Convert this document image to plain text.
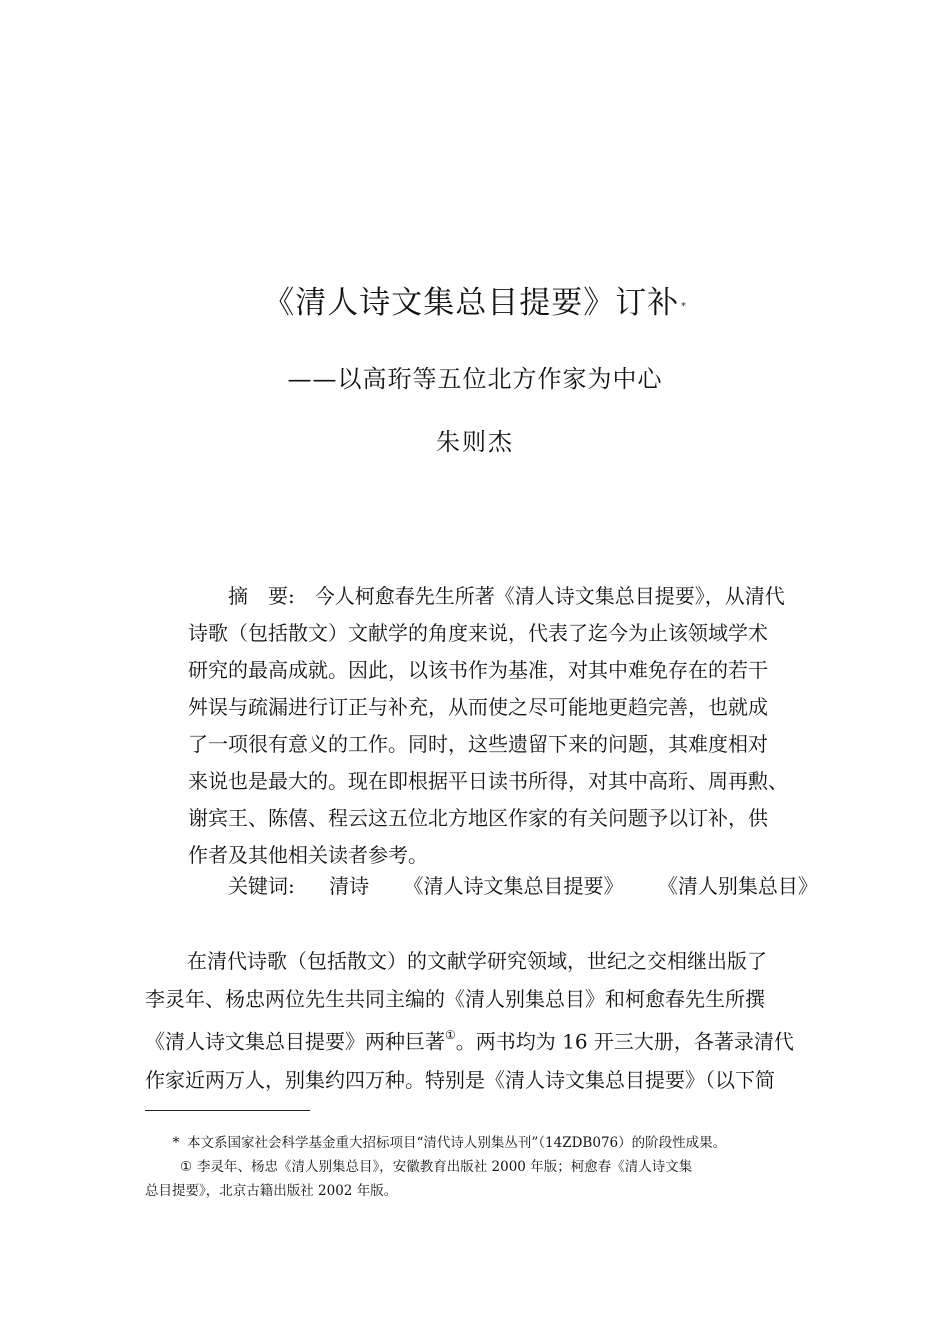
《清人诗文集总目提要》订补 *
——以高珩等五位北方作家为中心
朱则杰
摘　要: 今人柯愈春先生所著《清人诗文集总目提要》，从清代
诗歌（包括散文）文献学的角度来说，代表了迄今为止该领域学术
研究的最高成就。因此，以该书作为基准，对其中难免存在的若干
舛误与疏漏进行订正与补充，从而使之尽可能地更趋完善，也就成
了一项很有意义的工作。同时，这些遗留下来的问题，其难度相对
来说也是最大的。现在即根据平日读书所得，对其中高珩、周再勲、
谢宾王、陈僖、程云这五位北方地区作家的有关问题予以订补，供
作者及其他相关读者参考。
关键词: 清诗 《清人诗文集总目提要》 《清人别集总目》
在清代诗歌（包括散文）的文献学研究领域，世纪之交相继出版了
李灵年、杨忠两位先生共同主编的《清人别集总目》和柯愈春先生所撰
《清人诗文集总目提要》两种巨著①。两书均为 16 开三大册，各著录清代
作家近两万人，别集约四万种。特别是《清人诗文集总目提要》（以下简
* 本文系国家社会科学基金重大招标项目“清代诗人别集丛刊”（14ZDB076）的阶段性成果。
① 李灵年、杨忠《清人别集总目》，安徽教育出版社 2000 年版；柯愈春《清人诗文集
总目提要》，北京古籍出版社 2002 年版。
